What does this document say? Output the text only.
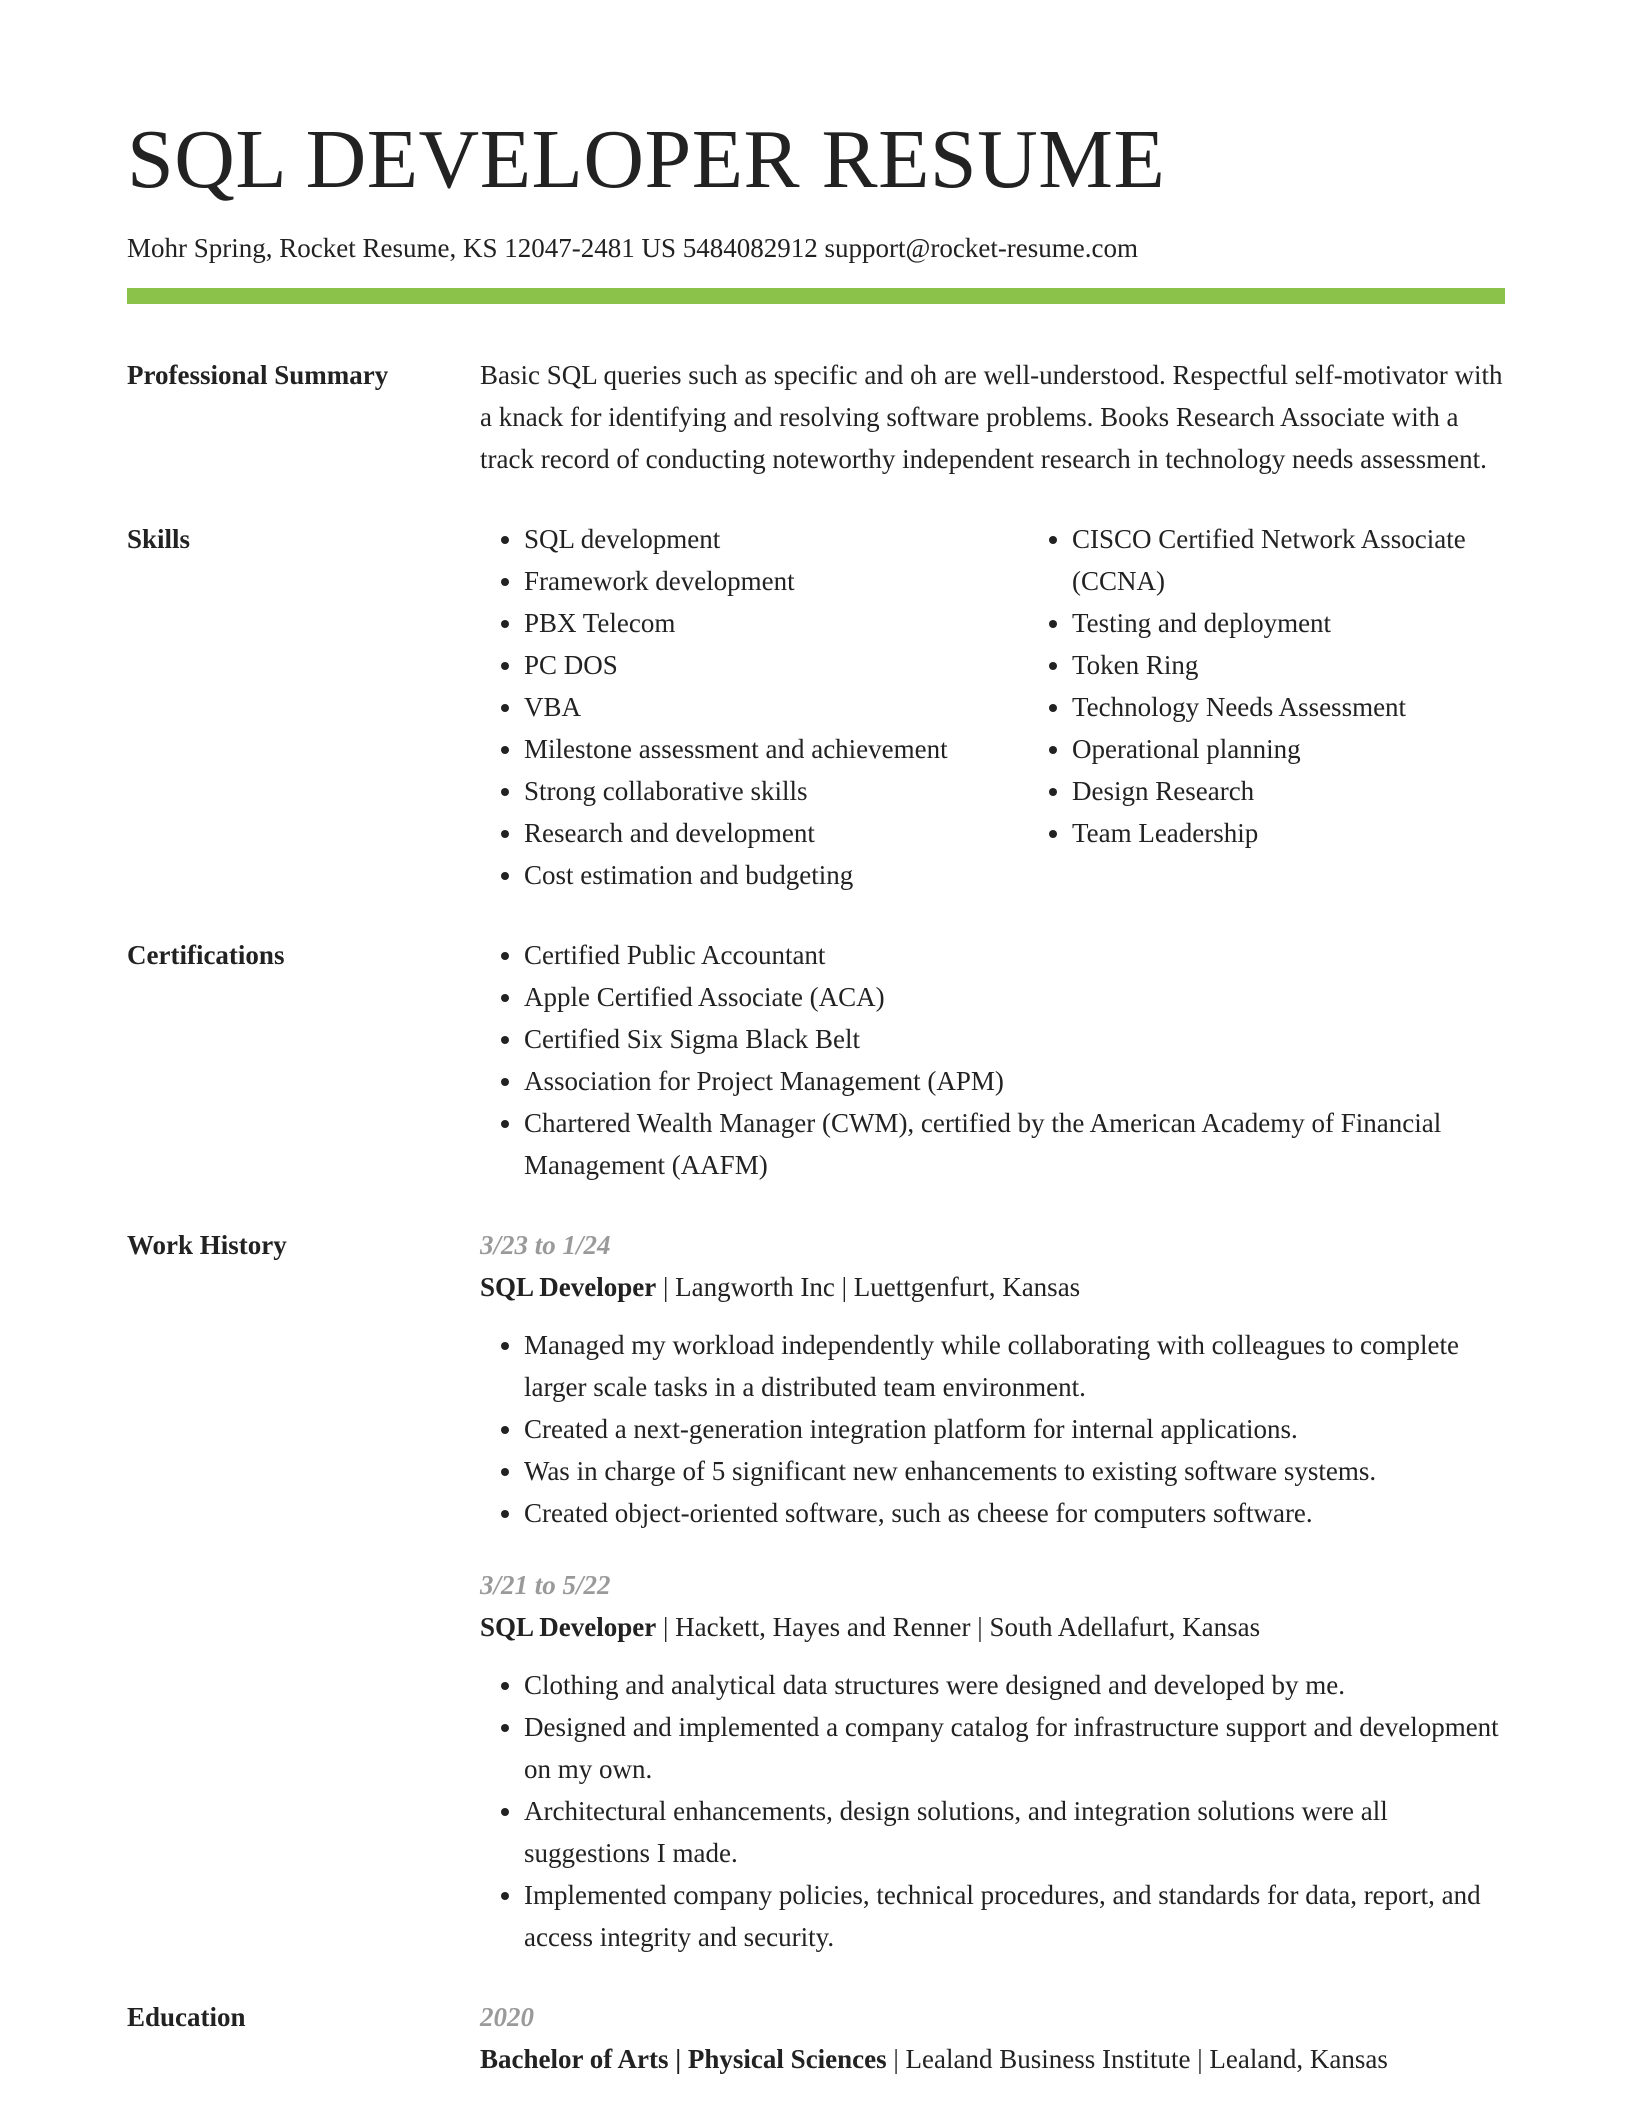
SQL DEVELOPER RESUME
Mohr Spring, Rocket Resume, KS 12047-2481 US 5484082912 support@rocket-resume.com
Professional Summary	Basic SQL queries such as specific and oh are well-understood. Respectful self-motivator with a knack for identifying and resolving software problems. Books Research Associate with a track record of conducting noteworthy independent research in technology needs assessment.

Skills	• SQL development
• Framework development
• PBX Telecom
• PC DOS
• VBA
• Milestone assessment and achievement
• Strong collaborative skills
• Research and development
• Cost estimation and budgeting
• CISCO Certified Network Associate (CCNA)
• Testing and deployment
• Token Ring
• Technology Needs Assessment
• Operational planning
• Design Research
• Team Leadership
Certifications	• Certified Public Accountant
• Apple Certified Associate (ACA)
• Certified Six Sigma Black Belt
• Association for Project Management (APM)
• Chartered Wealth Manager (CWM), certified by the American Academy of Financial Management (AAFM)
Work History	3/23 to 1/24
SQL Developer | Langworth Inc | Luettgenfurt, Kansas
• Managed my workload independently while collaborating with colleagues to complete larger scale tasks in a distributed team environment.
• Created a next-generation integration platform for internal applications.
• Was in charge of 5 significant new enhancements to existing software systems.
• Created object-oriented software, such as cheese for computers software.
3/21 to 5/22
SQL Developer | Hackett, Hayes and Renner | South Adellafurt, Kansas
• Clothing and analytical data structures were designed and developed by me.
• Designed and implemented a company catalog for infrastructure support and development on my own.
• Architectural enhancements, design solutions, and integration solutions were all suggestions I made.
• Implemented company policies, technical procedures, and standards for data, report, and access integrity and security.
Education	2020
Bachelor of Arts | Physical Sciences | Lealand Business Institute | Lealand, Kansas
